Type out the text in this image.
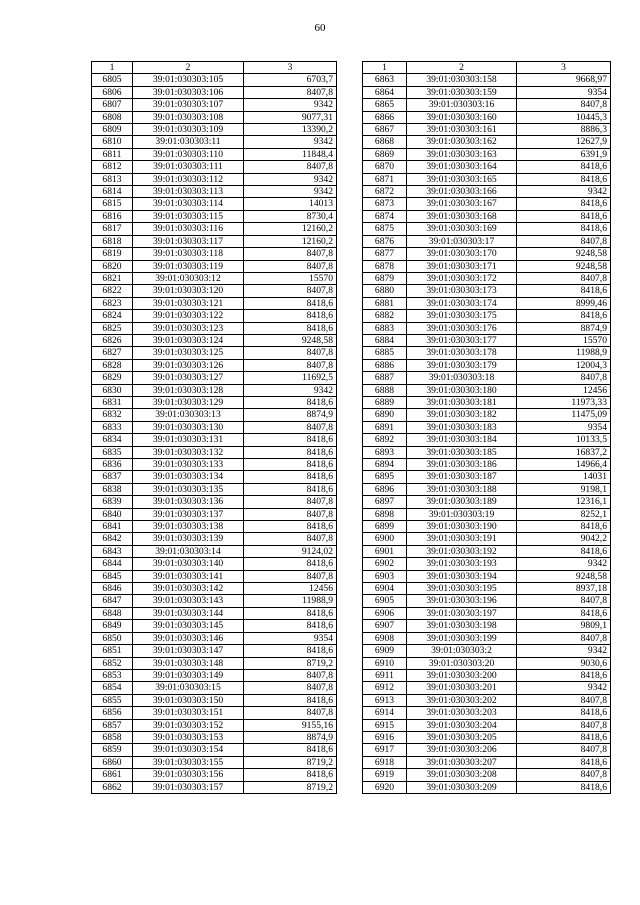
60
1	2	3
6805	39:01:030303:105	6703,7
6806	39:01:030303:106	8407,8
6807	39:01:030303:107	9342
6808	39:01:030303:108	9077,31
6809	39:01:030303:109	13390,2
6810	39:01:030303:11	9342
6811	39:01:030303:110	11848,4
6812	39:01:030303:111	8407,8
6813	39:01:030303:112	9342
6814	39:01:030303:113	9342
6815	39:01:030303:114	14013
6816	39:01:030303:115	8730,4
6817	39:01:030303:116	12160,2
6818	39:01:030303:117	12160,2
6819	39:01:030303:118	8407,8
6820	39:01:030303:119	8407,8
6821	39:01:030303:12	15570
6822	39:01:030303:120	8407,8
6823	39:01:030303:121	8418,6
6824	39:01:030303:122	8418,6
6825	39:01:030303:123	8418,6
6826	39:01:030303:124	9248,58
6827	39:01:030303:125	8407,8
6828	39:01:030303:126	8407,8
6829	39:01:030303:127	11692,5
6830	39:01:030303:128	9342
6831	39:01:030303:129	8418,6
6832	39:01:030303:13	8874,9
6833	39:01:030303:130	8407,8
6834	39:01:030303:131	8418,6
6835	39:01:030303:132	8418,6
6836	39:01:030303:133	8418,6
6837	39:01:030303:134	8418,6
6838	39:01:030303:135	8418,6
6839	39:01:030303:136	8407,8
6840	39:01:030303:137	8407,8
6841	39:01:030303:138	8418,6
6842	39:01:030303:139	8407,8
6843	39:01:030303:14	9124,02
6844	39:01:030303:140	8418,6
6845	39:01:030303:141	8407,8
6846	39:01:030303:142	12456
6847	39:01:030303:143	11988,9
6848	39:01:030303:144	8418,6
6849	39:01:030303:145	8418,6
6850	39:01:030303:146	9354
6851	39:01:030303:147	8418,6
6852	39:01:030303:148	8719,2
6853	39:01:030303:149	8407,8
6854	39:01:030303:15	8407,8
6855	39:01:030303:150	8418,6
6856	39:01:030303:151	8407,8
6857	39:01:030303:152	9155,16
6858	39:01:030303:153	8874,9
6859	39:01:030303:154	8418,6
6860	39:01:030303:155	8719,2
6861	39:01:030303:156	8418,6
6862	39:01:030303:157	8719,2
1	2	3
6863	39:01:030303:158	9668,97
6864	39:01:030303:159	9354
6865	39:01:030303:16	8407,8
6866	39:01:030303:160	10445,3
6867	39:01:030303:161	8886,3
6868	39:01:030303:162	12627,9
6869	39:01:030303:163	6391,9
6870	39:01:030303:164	8418,6
6871	39:01:030303:165	8418,6
6872	39:01:030303:166	9342
6873	39:01:030303:167	8418,6
6874	39:01:030303:168	8418,6
6875	39:01:030303:169	8418,6
6876	39:01:030303:17	8407,8
6877	39:01:030303:170	9248,58
6878	39:01:030303:171	9248,58
6879	39:01:030303:172	8407,8
6880	39:01:030303:173	8418,6
6881	39:01:030303:174	8999,46
6882	39:01:030303:175	8418,6
6883	39:01:030303:176	8874,9
6884	39:01:030303:177	15570
6885	39:01:030303:178	11988,9
6886	39:01:030303:179	12004,3
6887	39:01:030303:18	8407,8
6888	39:01:030303:180	12456
6889	39:01:030303:181	11973,33
6890	39:01:030303:182	11475,09
6891	39:01:030303:183	9354
6892	39:01:030303:184	10133,5
6893	39:01:030303:185	16837,2
6894	39:01:030303:186	14966,4
6895	39:01:030303:187	14031
6896	39:01:030303:188	9198,1
6897	39:01:030303:189	12316,1
6898	39:01:030303:19	8252,1
6899	39:01:030303:190	8418,6
6900	39:01:030303:191	9042,2
6901	39:01:030303:192	8418,6
6902	39:01:030303:193	9342
6903	39:01:030303:194	9248,58
6904	39:01:030303:195	8937,18
6905	39:01:030303:196	8407,8
6906	39:01:030303:197	8418,6
6907	39:01:030303:198	9809,1
6908	39:01:030303:199	8407,8
6909	39:01:030303:2	9342
6910	39:01:030303:20	9030,6
6911	39:01:030303:200	8418,6
6912	39:01:030303:201	9342
6913	39:01:030303:202	8407,8
6914	39:01:030303:203	8418,6
6915	39:01:030303:204	8407,8
6916	39:01:030303:205	8418,6
6917	39:01:030303:206	8407,8
6918	39:01:030303:207	8418,6
6919	39:01:030303:208	8407,8
6920	39:01:030303:209	8418,6
